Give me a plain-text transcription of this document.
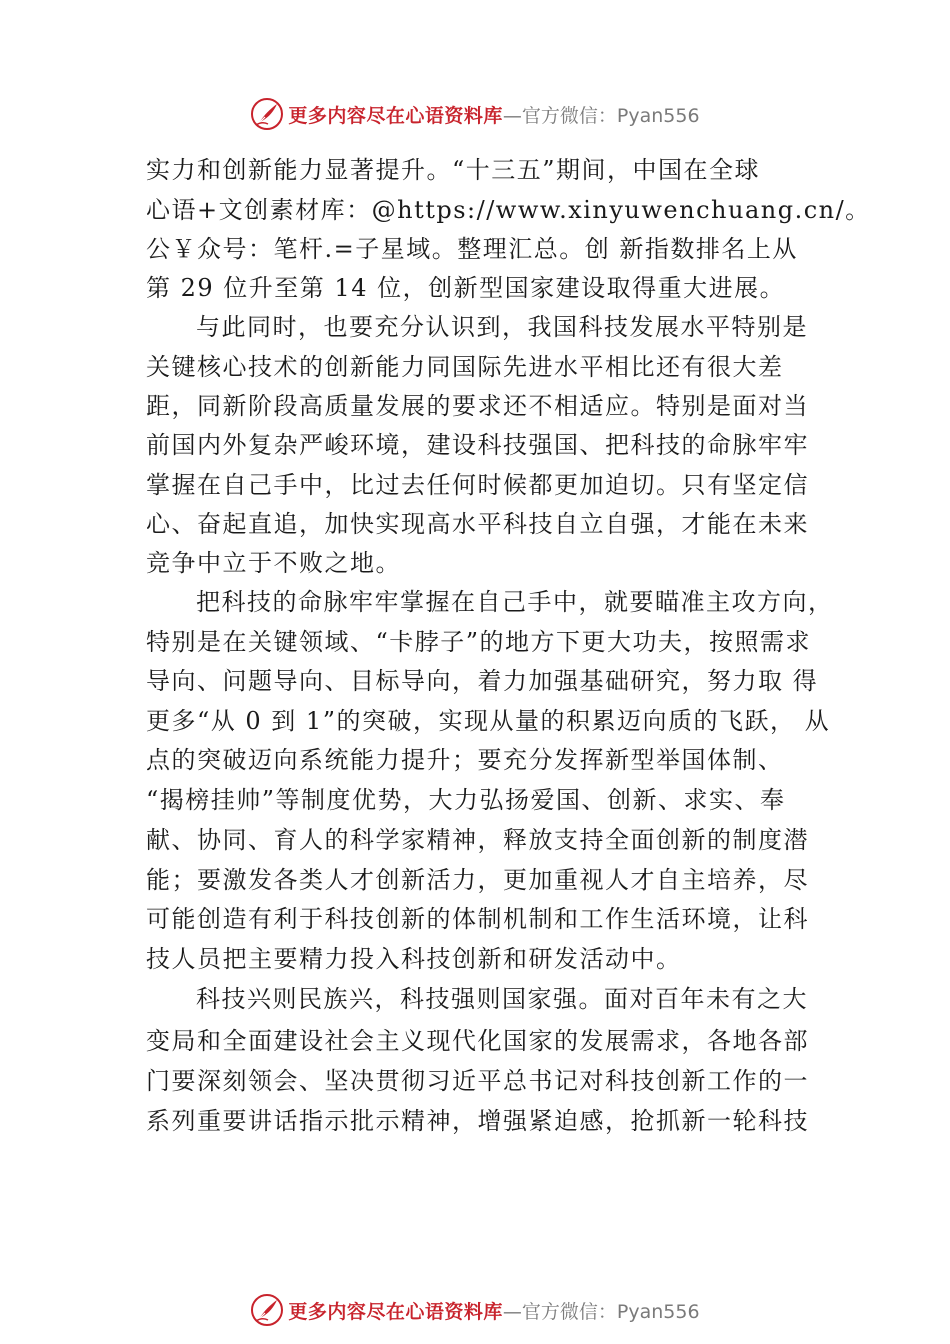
更多内容尽在心语资料库 —官方微信：Pyan556
实力和创新能力显著提升。“十三五”期间，中国在全球
心语+文创素材库：@https://www.xinyuwenchuang.cn/。
公￥众号：笔杆.=子星域。整理汇总。创 新指数排名上从
第 29 位升至第 14 位，创新型国家建设取得重大进展。
与此同时，也要充分认识到，我国科技发展水平特别是
关键核心技术的创新能力同国际先进水平相比还有很大差
距，同新阶段高质量发展的要求还不相适应。特别是面对当
前国内外复杂严峻环境，建设科技强国、把科技的命脉牢牢
掌握在自己手中，比过去任何时候都更加迫切。只有坚定信
心、奋起直追，加快实现高水平科技自立自强，才能在未来
竞争中立于不败之地。
把科技的命脉牢牢掌握在自己手中，就要瞄准主攻方向，
特别是在关键领域、“卡脖子”的地方下更大功夫，按照需求
导向、问题导向、目标导向，着力加强基础研究，努力取 得
更多“从 0 到 1”的突破，实现从量的积累迈向质的飞跃， 从
点的突破迈向系统能力提升；要充分发挥新型举国体制、
“揭榜挂帅”等制度优势，大力弘扬爱国、创新、求实、奉
献、协同、育人的科学家精神，释放支持全面创新的制度潜
能；要激发各类人才创新活力，更加重视人才自主培养，尽
可能创造有利于科技创新的体制机制和工作生活环境，让科
技人员把主要精力投入科技创新和研发活动中。
科技兴则民族兴，科技强则国家强。面对百年未有之大
变局和全面建设社会主义现代化国家的发展需求，各地各部
门要深刻领会、坚决贯彻习近平总书记对科技创新工作的一
系列重要讲话指示批示精神，增强紧迫感，抢抓新一轮科技
更多内容尽在心语资料库 —官方微信：Pyan556
